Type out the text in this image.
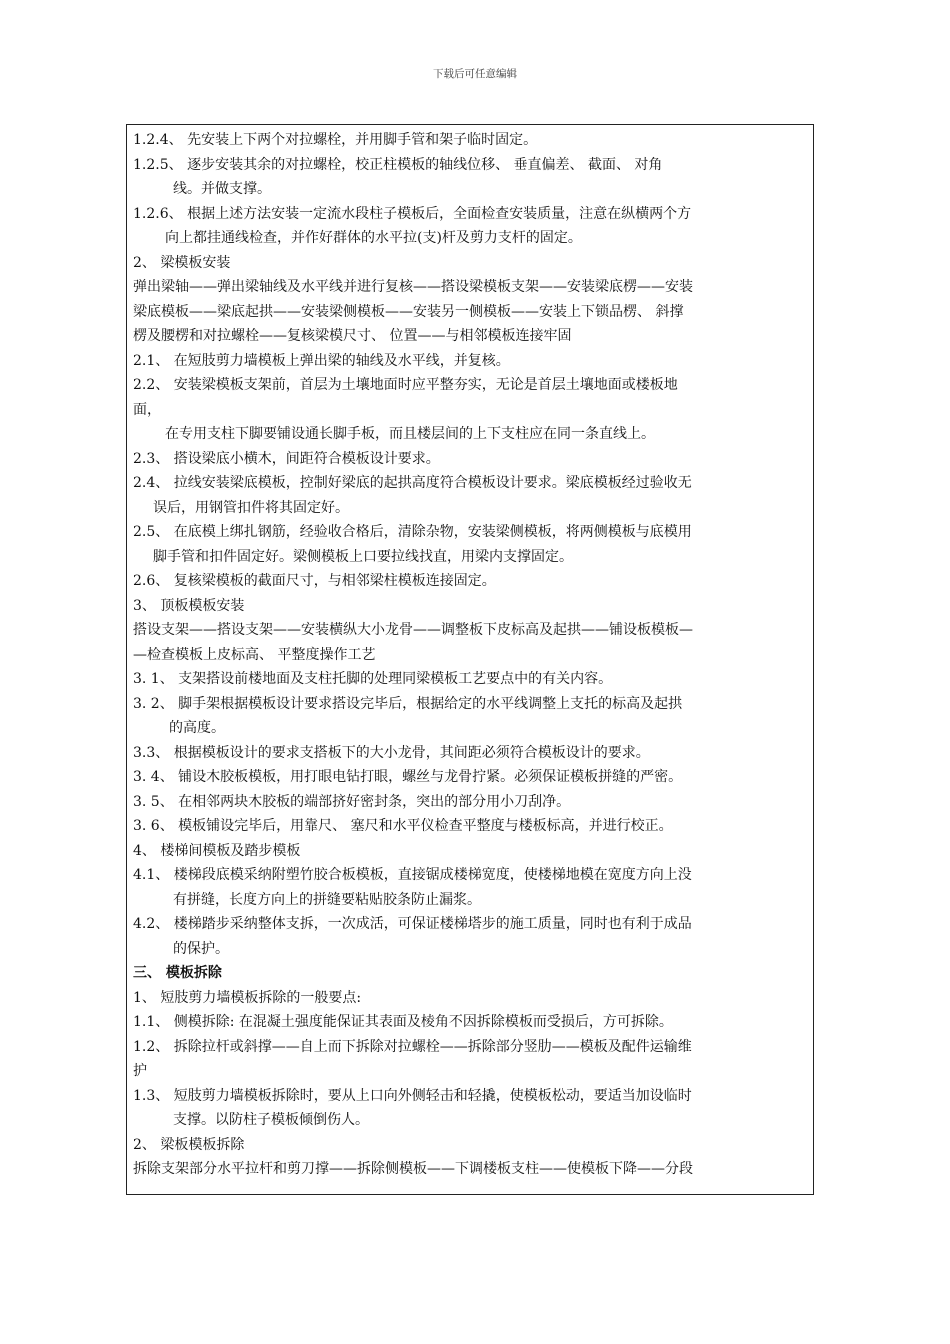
下载后可任意编辑
1.2.4、 先安装上下两个对拉螺栓，并用脚手管和架子临时固定。
1.2.5、 逐步安装其余的对拉螺栓，校正柱模板的轴线位移、 垂直偏差、 截面、 对角
线。并做支撑。
1.2.6、 根据上述方法安装一定流水段柱子模板后，全面检查安装质量，注意在纵横两个方
向上都挂通线检查，并作好群体的水平拉(支)杆及剪力支杆的固定。
2、 梁模板安装
弹出梁轴——弹出梁轴线及水平线并进行复核——搭设梁模板支架——安装梁底楞——安装
梁底模板——梁底起拱——安装梁侧模板——安装另一侧模板——安装上下锁品楞、 斜撑
楞及腰楞和对拉螺栓——复核梁模尺寸、 位置——与相邻模板连接牢固
2.1、 在短肢剪力墙模板上弹出梁的轴线及水平线，并复核。
2.2、 安装梁模板支架前，首层为土壤地面时应平整夯实，无论是首层土壤地面或楼板地
面，
在专用支柱下脚要铺设通长脚手板，而且楼层间的上下支柱应在同一条直线上。
2.3、 搭设梁底小横木，间距符合模板设计要求。
2.4、 拉线安装梁底模板，控制好梁底的起拱高度符合模板设计要求。梁底模板经过验收无
误后，用钢管扣件将其固定好。
2.5、 在底模上绑扎钢筋，经验收合格后，清除杂物，安装梁侧模板，将两侧模板与底模用
脚手管和扣件固定好。梁侧模板上口要拉线找直，用梁内支撑固定。
2.6、 复核梁模板的截面尺寸，与相邻梁柱模板连接固定。
3、 顶板模板安装
搭设支架——搭设支架——安装横纵大小龙骨——调整板下皮标高及起拱——铺设板模板—
—检查模板上皮标高、 平整度操作工艺
3. 1、 支架搭设前楼地面及支柱托脚的处理同梁模板工艺要点中的有关内容。
3. 2、 脚手架根据模板设计要求搭设完毕后，根据给定的水平线调整上支托的标高及起拱
的高度。
3.3、 根据模板设计的要求支搭板下的大小龙骨，其间距必须符合模板设计的要求。
3. 4、 铺设木胶板模板，用打眼电钻打眼，螺丝与龙骨拧紧。必须保证模板拼缝的严密。
3. 5、 在相邻两块木胶板的端部挤好密封条，突出的部分用小刀刮净。
3. 6、 模板铺设完毕后，用靠尺、 塞尺和水平仪检查平整度与楼板标高，并进行校正。
4、 楼梯间模板及踏步模板
4.1、 楼梯段底模采纳附塑竹胶合板模板，直接锯成楼梯宽度，使楼梯地模在宽度方向上没
有拼缝，长度方向上的拼缝要粘贴胶条防止漏浆。
4.2、 楼梯踏步采纳整体支拆，一次成活，可保证楼梯塔步的施工质量，同时也有利于成品
的保护。
三、 模板拆除
1、 短肢剪力墙模板拆除的一般要点:
1.1、 侧模拆除: 在混凝土强度能保证其表面及棱角不因拆除模板而受损后，方可拆除。
1.2、 拆除拉杆或斜撑——自上而下拆除对拉螺栓——拆除部分竖肋——模板及配件运输维
护
1.3、 短肢剪力墙模板拆除时，要从上口向外侧轻击和轻撬，使模板松动，要适当加设临时
支撑。以防柱子模板倾倒伤人。
2、 梁板模板拆除
拆除支架部分水平拉杆和剪刀撑——拆除侧模板——下调楼板支柱——使模板下降——分段
